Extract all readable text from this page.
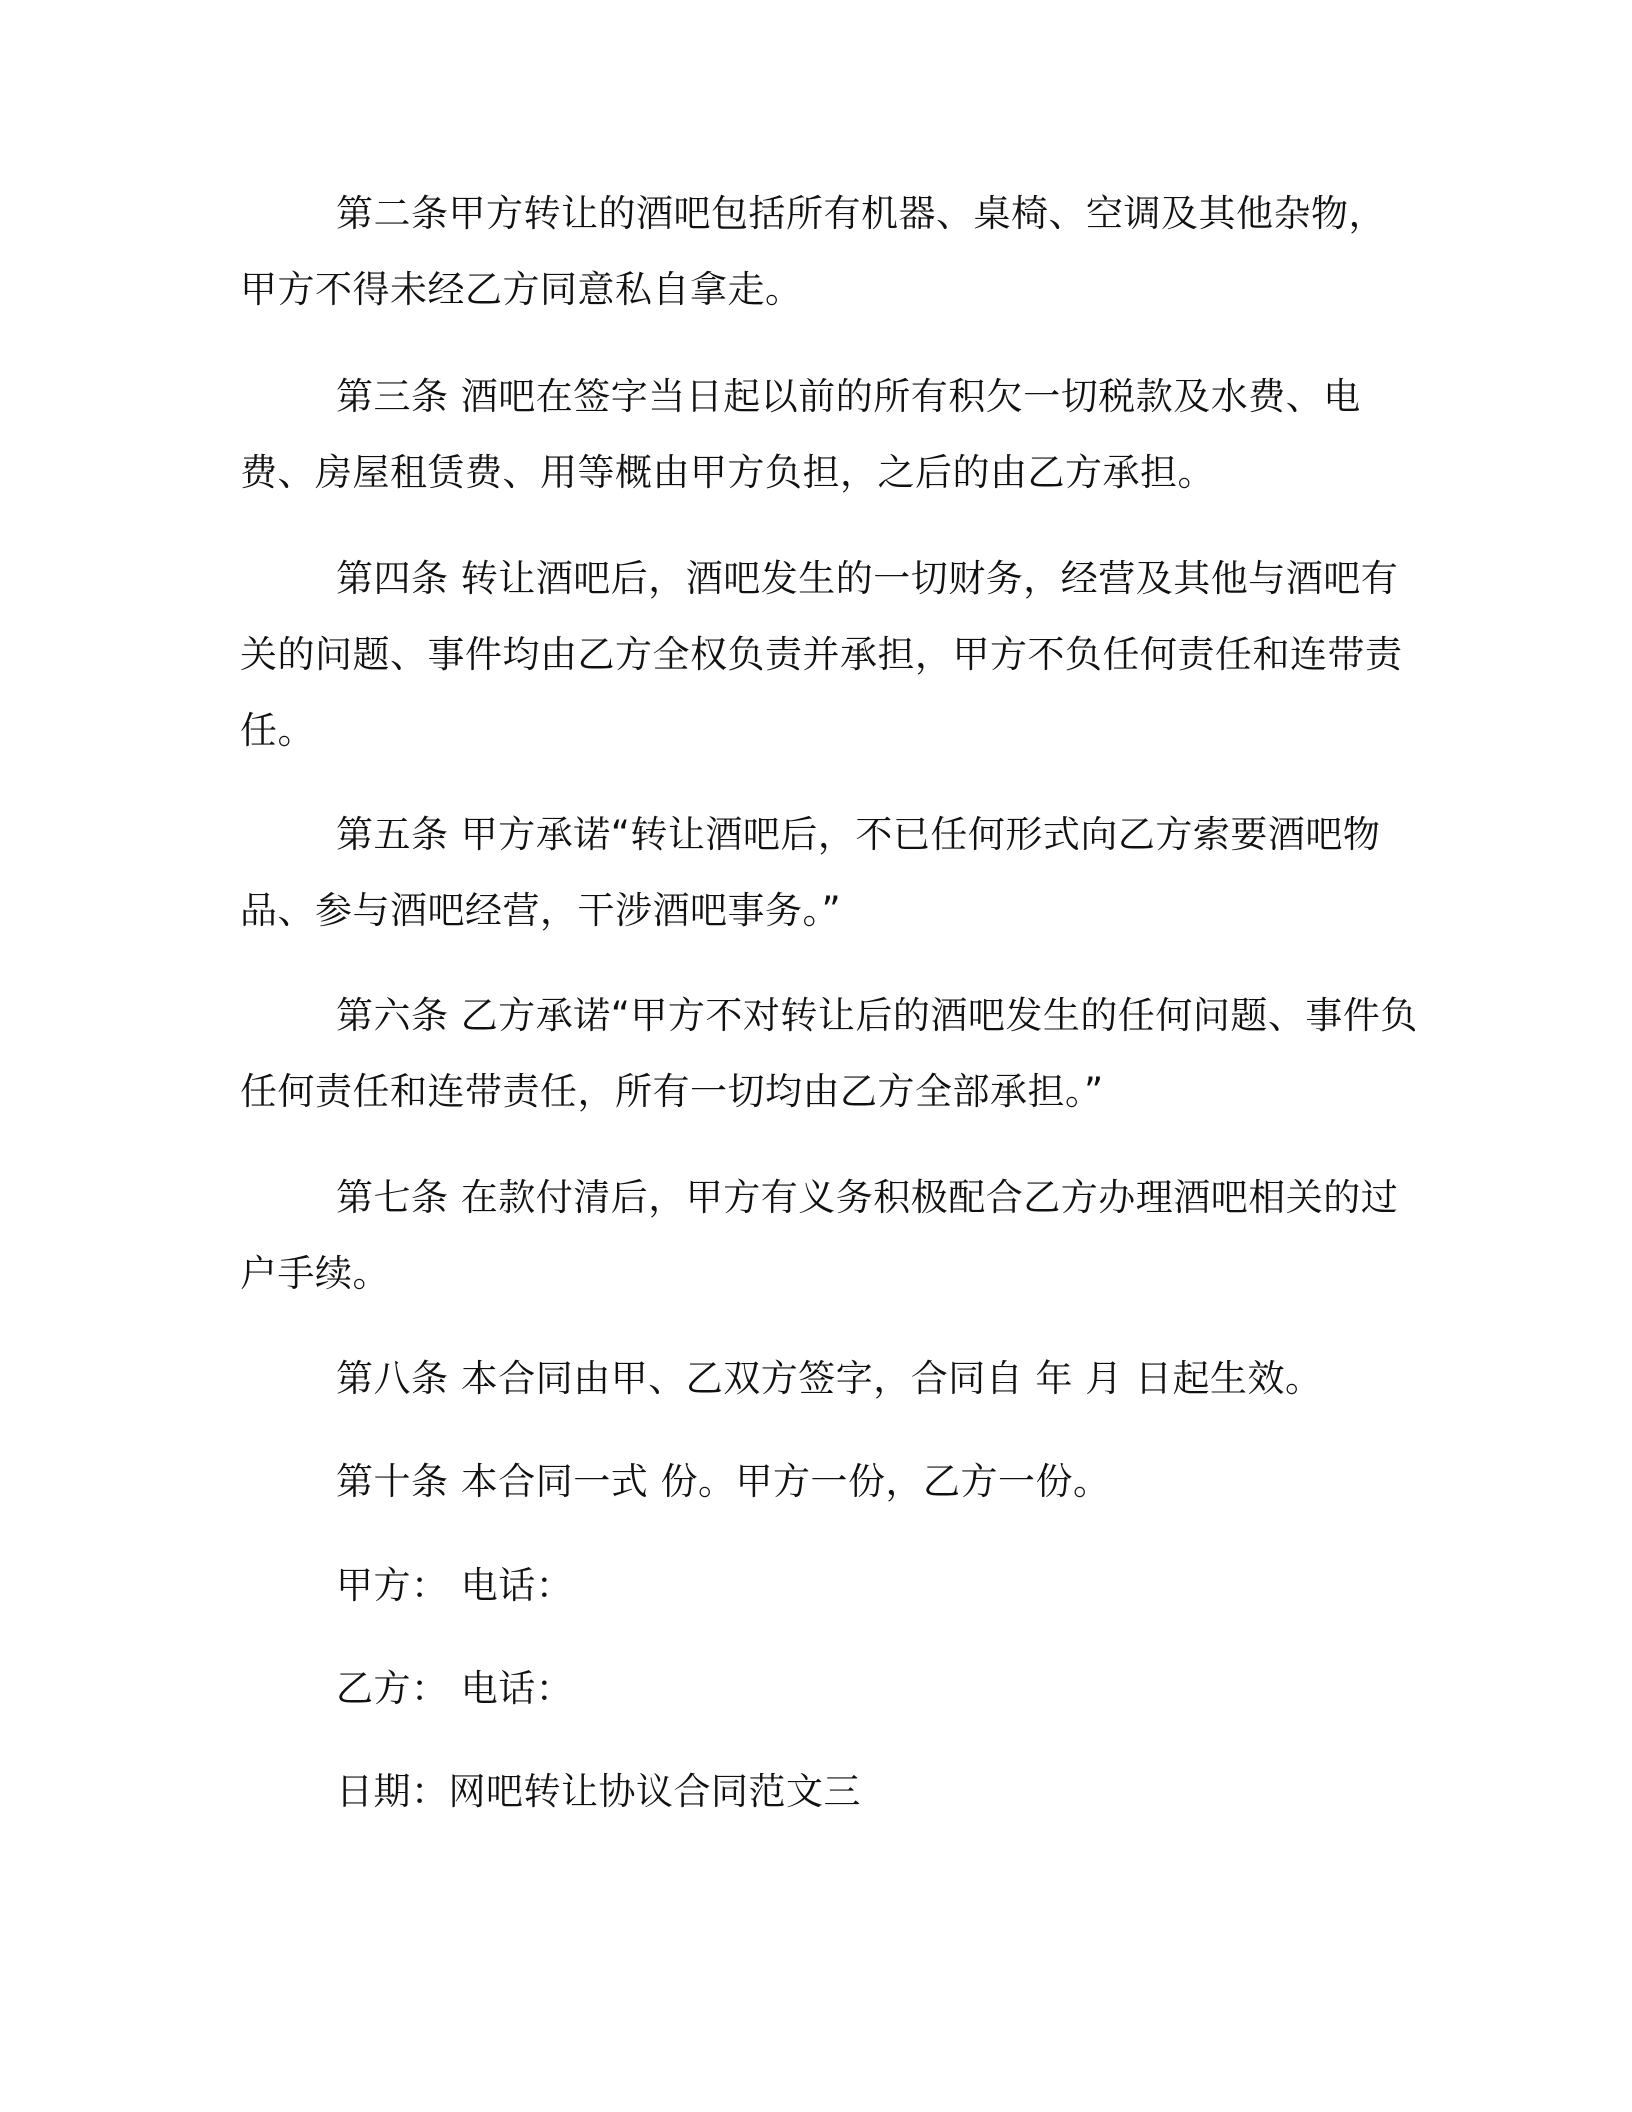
第二条甲方转让的酒吧包括所有机器、桌椅、空调及其他杂物，甲方不得未经乙方同意私自拿走。

第三条 酒吧在签字当日起以前的所有积欠一切税款及水费、电费、房屋租赁费、用等概由甲方负担，之后的由乙方承担。

第四条 转让酒吧后，酒吧发生的一切财务，经营及其他与酒吧有关的问题、事件均由乙方全权负责并承担，甲方不负任何责任和连带责任。

第五条 甲方承诺“转让酒吧后，不已任何形式向乙方索要酒吧物品、参与酒吧经营，干涉酒吧事务。”

第六条 乙方承诺“甲方不对转让后的酒吧发生的任何问题、事件负任何责任和连带责任，所有一切均由乙方全部承担。”

第七条 在款付清后，甲方有义务积极配合乙方办理酒吧相关的过户手续。

第八条 本合同由甲、乙双方签字，合同自 年 月 日起生效。

第十条 本合同一式 份。甲方一份，乙方一份。

甲方： 电话：

乙方： 电话：

日期：网吧转让协议合同范文三
